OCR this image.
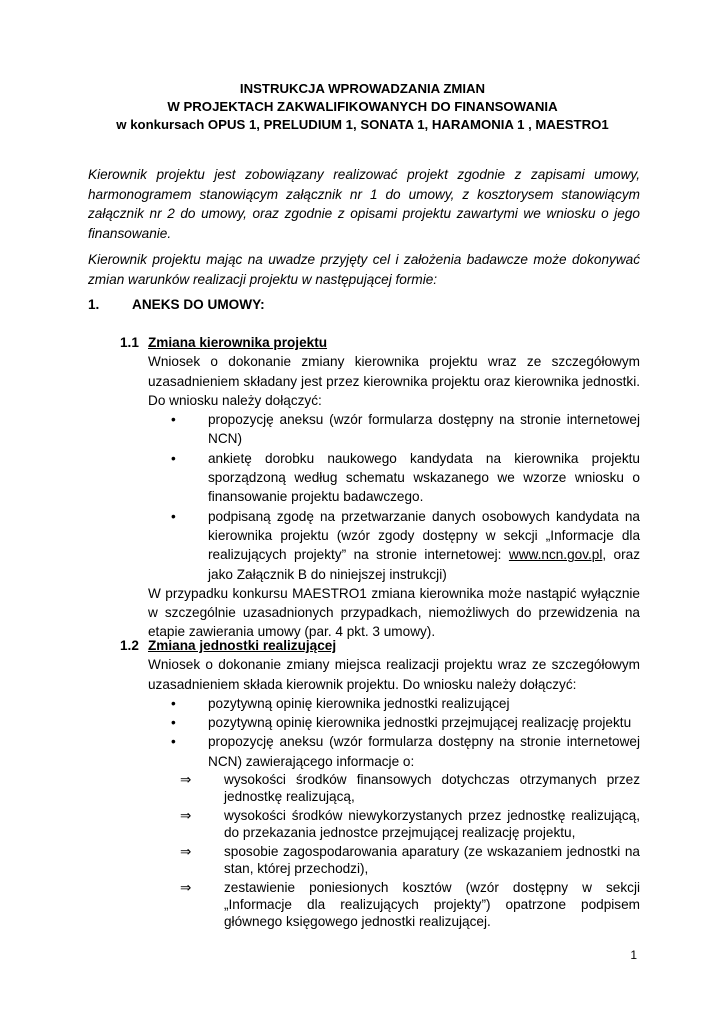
INSTRUKCJA WPROWADZANIA ZMIAN
W PROJEKTACH ZAKWALIFIKOWANYCH DO FINANSOWANIA
w konkursach OPUS 1, PRELUDIUM 1, SONATA 1, HARAMONIA 1 , MAESTRO1

Kierownik projektu jest zobowiązany realizować projekt zgodnie z zapisami umowy, harmonogramem stanowiącym załącznik nr 1 do umowy, z kosztorysem stanowiącym załącznik nr 2 do umowy, oraz zgodnie z opisami projektu zawartymi we wniosku o jego finansowanie.

Kierownik projektu mając na uwadze przyjęty cel i założenia badawcze może dokonywać zmian warunków realizacji projektu w następującej formie:

1. ANEKS DO UMOWY:
1.1 Zmiana kierownika projektu

Wniosek o dokonanie zmiany kierownika projektu wraz ze szczegółowym uzasadnieniem składany jest przez kierownika projektu oraz kierownika jednostki. Do wniosku należy dołączyć:

• propozycję aneksu (wzór formularza dostępny na stronie internetowej NCN)
• ankietę dorobku naukowego kandydata na kierownika projektu sporządzoną według schematu wskazanego we wzorze wniosku o finansowanie projektu badawczego.
• podpisaną zgodę na przetwarzanie danych osobowych kandydata na kierownika projektu (wzór zgody dostępny w sekcji „Informacje dla realizujących projekty” na stronie internetowej: www.ncn.gov.pl, oraz jako Załącznik B do niniejszej instrukcji)

W przypadku konkursu MAESTRO1 zmiana kierownika może nastąpić wyłącznie w szczególnie uzasadnionych przypadkach, niemożliwych do przewidzenia na etapie zawierania umowy (par. 4 pkt. 3 umowy).

1.2 Zmiana jednostki realizującej

Wniosek o dokonanie zmiany miejsca realizacji projektu wraz ze szczegółowym uzasadnieniem składa kierownik projektu. Do wniosku należy dołączyć:

• pozytywną opinię kierownika jednostki realizującej
• pozytywną opinię kierownika jednostki przejmującej realizację projektu
• propozycję aneksu (wzór formularza dostępny na stronie internetowej NCN) zawierającego informacje o:
⇒ wysokości środków finansowych dotychczas otrzymanych przez jednostkę realizującą,
⇒ wysokości środków niewykorzystanych przez jednostkę realizującą, do przekazania jednostce przejmującej realizację projektu,
⇒ sposobie zagospodarowania aparatury (ze wskazaniem jednostki na stan, której przechodzi),
⇒ zestawienie poniesionych kosztów (wzór dostępny w sekcji „Informacje dla realizujących projekty”) opatrzone podpisem głównego księgowego jednostki realizującej.
1
